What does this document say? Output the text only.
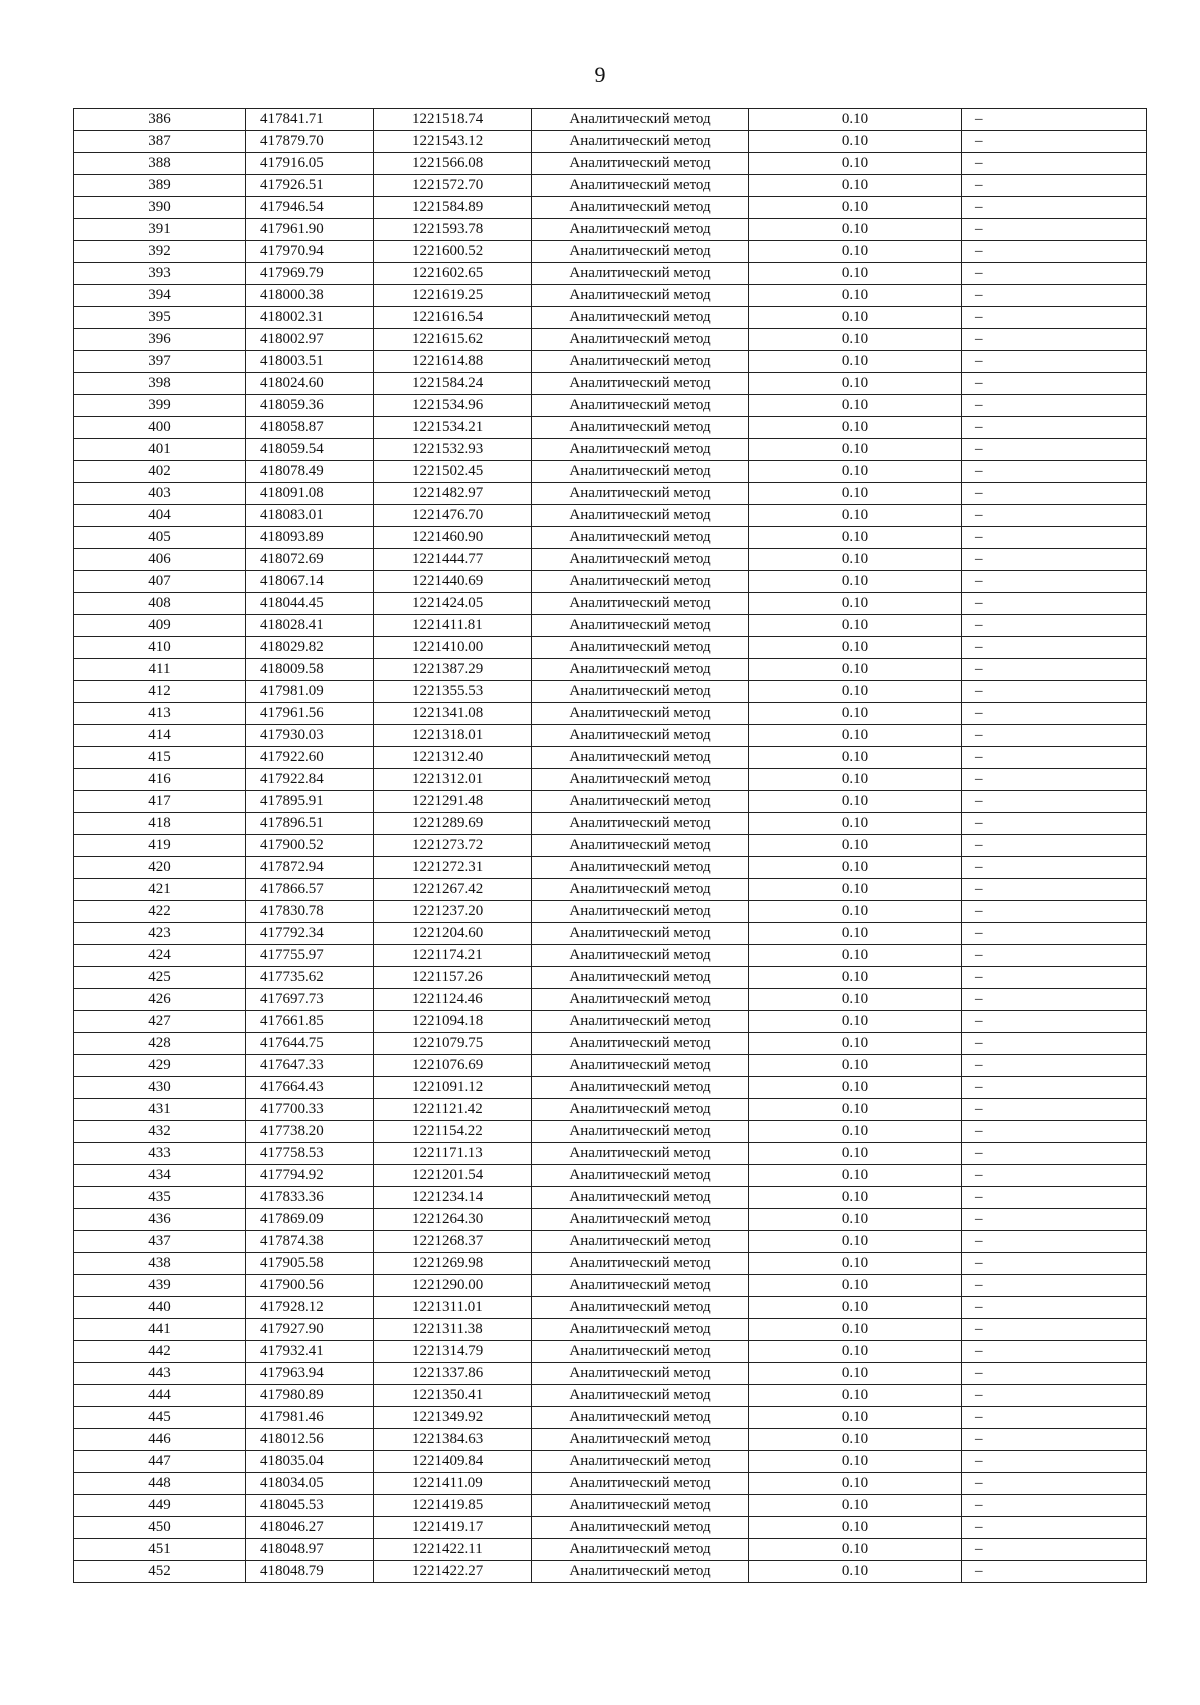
9
386	417841.71	1221518.74	Аналитический метод	0.10	–
387	417879.70	1221543.12	Аналитический метод	0.10	–
388	417916.05	1221566.08	Аналитический метод	0.10	–
389	417926.51	1221572.70	Аналитический метод	0.10	–
390	417946.54	1221584.89	Аналитический метод	0.10	–
391	417961.90	1221593.78	Аналитический метод	0.10	–
392	417970.94	1221600.52	Аналитический метод	0.10	–
393	417969.79	1221602.65	Аналитический метод	0.10	–
394	418000.38	1221619.25	Аналитический метод	0.10	–
395	418002.31	1221616.54	Аналитический метод	0.10	–
396	418002.97	1221615.62	Аналитический метод	0.10	–
397	418003.51	1221614.88	Аналитический метод	0.10	–
398	418024.60	1221584.24	Аналитический метод	0.10	–
399	418059.36	1221534.96	Аналитический метод	0.10	–
400	418058.87	1221534.21	Аналитический метод	0.10	–
401	418059.54	1221532.93	Аналитический метод	0.10	–
402	418078.49	1221502.45	Аналитический метод	0.10	–
403	418091.08	1221482.97	Аналитический метод	0.10	–
404	418083.01	1221476.70	Аналитический метод	0.10	–
405	418093.89	1221460.90	Аналитический метод	0.10	–
406	418072.69	1221444.77	Аналитический метод	0.10	–
407	418067.14	1221440.69	Аналитический метод	0.10	–
408	418044.45	1221424.05	Аналитический метод	0.10	–
409	418028.41	1221411.81	Аналитический метод	0.10	–
410	418029.82	1221410.00	Аналитический метод	0.10	–
411	418009.58	1221387.29	Аналитический метод	0.10	–
412	417981.09	1221355.53	Аналитический метод	0.10	–
413	417961.56	1221341.08	Аналитический метод	0.10	–
414	417930.03	1221318.01	Аналитический метод	0.10	–
415	417922.60	1221312.40	Аналитический метод	0.10	–
416	417922.84	1221312.01	Аналитический метод	0.10	–
417	417895.91	1221291.48	Аналитический метод	0.10	–
418	417896.51	1221289.69	Аналитический метод	0.10	–
419	417900.52	1221273.72	Аналитический метод	0.10	–
420	417872.94	1221272.31	Аналитический метод	0.10	–
421	417866.57	1221267.42	Аналитический метод	0.10	–
422	417830.78	1221237.20	Аналитический метод	0.10	–
423	417792.34	1221204.60	Аналитический метод	0.10	–
424	417755.97	1221174.21	Аналитический метод	0.10	–
425	417735.62	1221157.26	Аналитический метод	0.10	–
426	417697.73	1221124.46	Аналитический метод	0.10	–
427	417661.85	1221094.18	Аналитический метод	0.10	–
428	417644.75	1221079.75	Аналитический метод	0.10	–
429	417647.33	1221076.69	Аналитический метод	0.10	–
430	417664.43	1221091.12	Аналитический метод	0.10	–
431	417700.33	1221121.42	Аналитический метод	0.10	–
432	417738.20	1221154.22	Аналитический метод	0.10	–
433	417758.53	1221171.13	Аналитический метод	0.10	–
434	417794.92	1221201.54	Аналитический метод	0.10	–
435	417833.36	1221234.14	Аналитический метод	0.10	–
436	417869.09	1221264.30	Аналитический метод	0.10	–
437	417874.38	1221268.37	Аналитический метод	0.10	–
438	417905.58	1221269.98	Аналитический метод	0.10	–
439	417900.56	1221290.00	Аналитический метод	0.10	–
440	417928.12	1221311.01	Аналитический метод	0.10	–
441	417927.90	1221311.38	Аналитический метод	0.10	–
442	417932.41	1221314.79	Аналитический метод	0.10	–
443	417963.94	1221337.86	Аналитический метод	0.10	–
444	417980.89	1221350.41	Аналитический метод	0.10	–
445	417981.46	1221349.92	Аналитический метод	0.10	–
446	418012.56	1221384.63	Аналитический метод	0.10	–
447	418035.04	1221409.84	Аналитический метод	0.10	–
448	418034.05	1221411.09	Аналитический метод	0.10	–
449	418045.53	1221419.85	Аналитический метод	0.10	–
450	418046.27	1221419.17	Аналитический метод	0.10	–
451	418048.97	1221422.11	Аналитический метод	0.10	–
452	418048.79	1221422.27	Аналитический метод	0.10	–
